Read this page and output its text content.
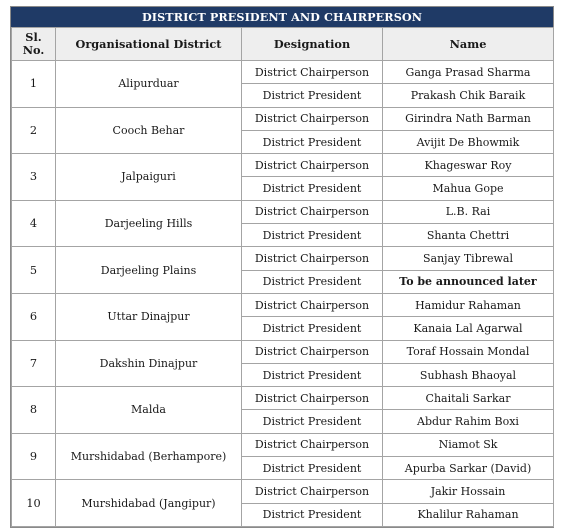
DISTRICT PRESIDENT AND CHAIRPERSON
Sl.
No.	Organisational District	Designation	Name
1	Alipurduar	District Chairperson	Ganga Prasad Sharma
		District President	Prakash Chik Baraik
2	Cooch Behar	District Chairperson	Girindra Nath Barman
		District President	Avijit De Bhowmik
3	Jalpaiguri	District Chairperson	Khageswar Roy
		District President	Mahua Gope
4	Darjeeling Hills	District Chairperson	L.B. Rai
		District President	Shanta Chettri
5	Darjeeling Plains	District Chairperson	Sanjay Tibrewal
		District President	To be announced later
6	Uttar Dinajpur	District Chairperson	Hamidur Rahaman
		District President	Kanaia Lal Agarwal
7	Dakshin Dinajpur	District Chairperson	Toraf Hossain Mondal
		District President	Subhash Bhaoyal
8	Malda	District Chairperson	Chaitali Sarkar
		District President	Abdur Rahim Boxi
9	Murshidabad (Berhampore)	District Chairperson	Niamot Sk
		District President	Apurba Sarkar (David)
10	Murshidabad (Jangipur)	District Chairperson	Jakir Hossain
		District President	Khalilur Rahaman
